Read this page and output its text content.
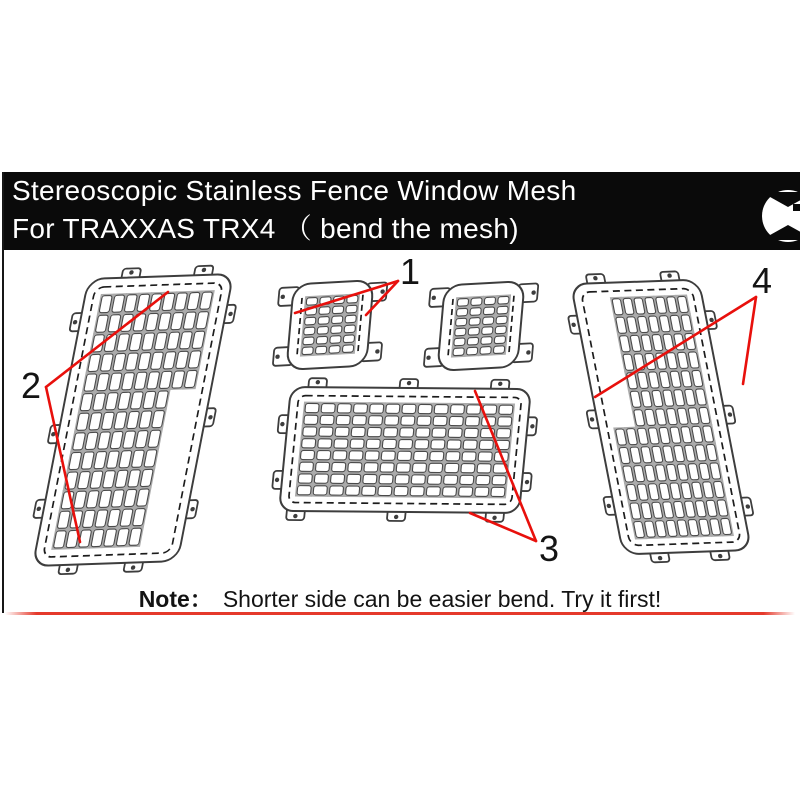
Stereoscopic Stainless Fence Window Mesh
For TRAXXAS TRX4 （ bend the mesh)
1
2
3
4
Note： Shorter side can be easier bend. Try it first!
